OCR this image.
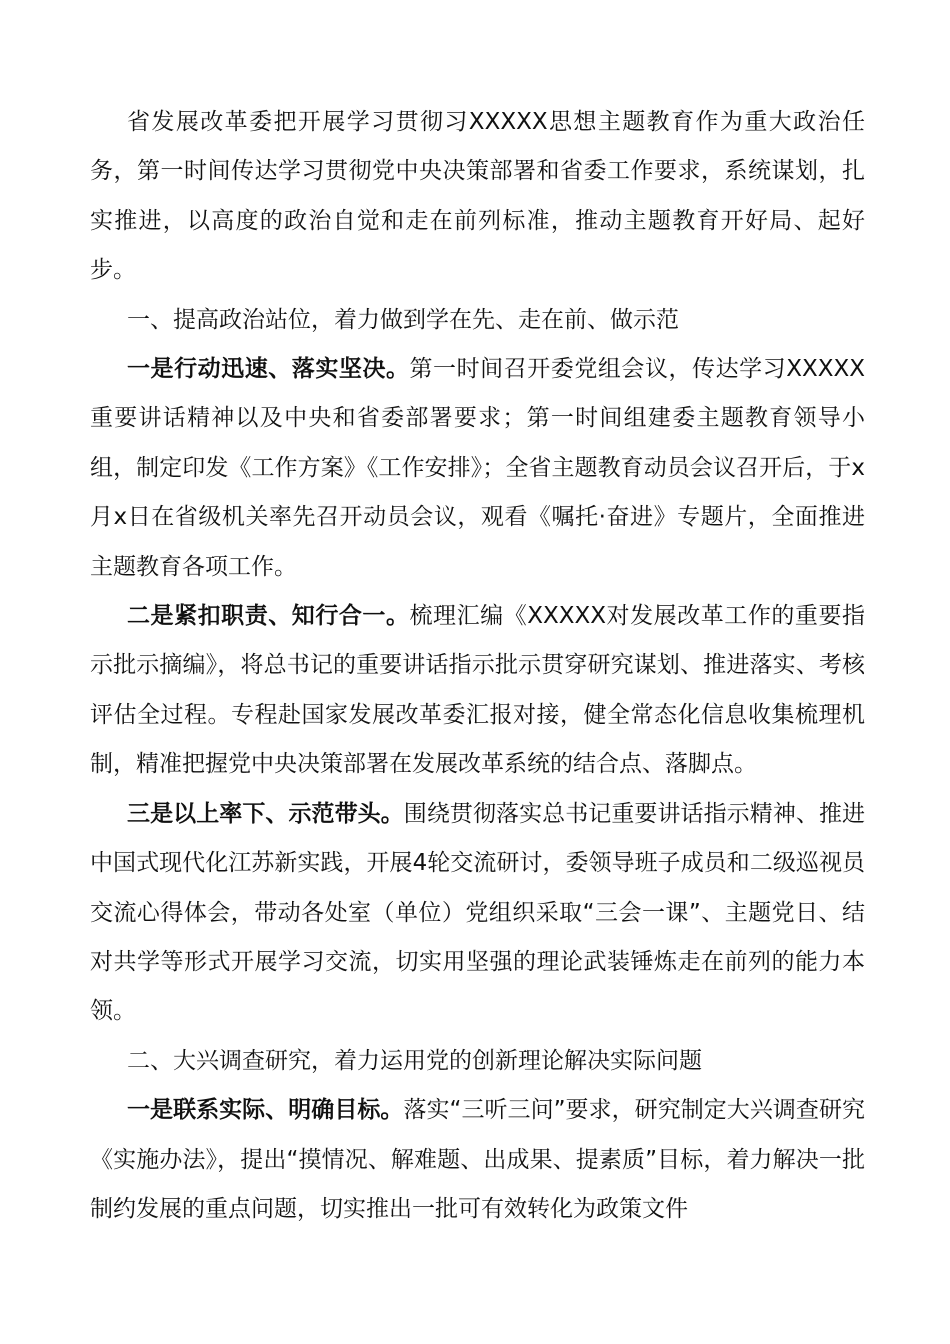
省发展改革委把开展学习贯彻习XXXXX思想主题教育作为重大政治任务，第一时间传达学习贯彻党中央决策部署和省委工作要求，系统谋划，扎实推进，以高度的政治自觉和走在前列标准，推动主题教育开好局、起好步。

一、提高政治站位，着力做到学在先、走在前、做示范

一是行动迅速、落实坚决。第一时间召开委党组会议，传达学习XXXXX重要讲话精神以及中央和省委部署要求；第一时间组建委主题教育领导小组，制定印发《工作方案》《工作安排》；全省主题教育动员会议召开后，于x月x日在省级机关率先召开动员会议，观看《嘱托·奋进》专题片，全面推进主题教育各项工作。

二是紧扣职责、知行合一。梳理汇编《XXXXX对发展改革工作的重要指示批示摘编》，将总书记的重要讲话指示批示贯穿研究谋划、推进落实、考核评估全过程。专程赴国家发展改革委汇报对接，健全常态化信息收集梳理机制，精准把握党中央决策部署在发展改革系统的结合点、落脚点。

三是以上率下、示范带头。围绕贯彻落实总书记重要讲话指示精神、推进中国式现代化江苏新实践，开展4轮交流研讨，委领导班子成员和二级巡视员交流心得体会，带动各处室（单位）党组织采取“三会一课”、主题党日、结对共学等形式开展学习交流，切实用坚强的理论武装锤炼走在前列的能力本领。

二、大兴调查研究，着力运用党的创新理论解决实际问题

一是联系实际、明确目标。落实“三听三问”要求，研究制定大兴调查研究《实施办法》，提出“摸情况、解难题、出成果、提素质”目标，着力解决一批制约发展的重点问题，切实推出一批可有效转化为政策文件
